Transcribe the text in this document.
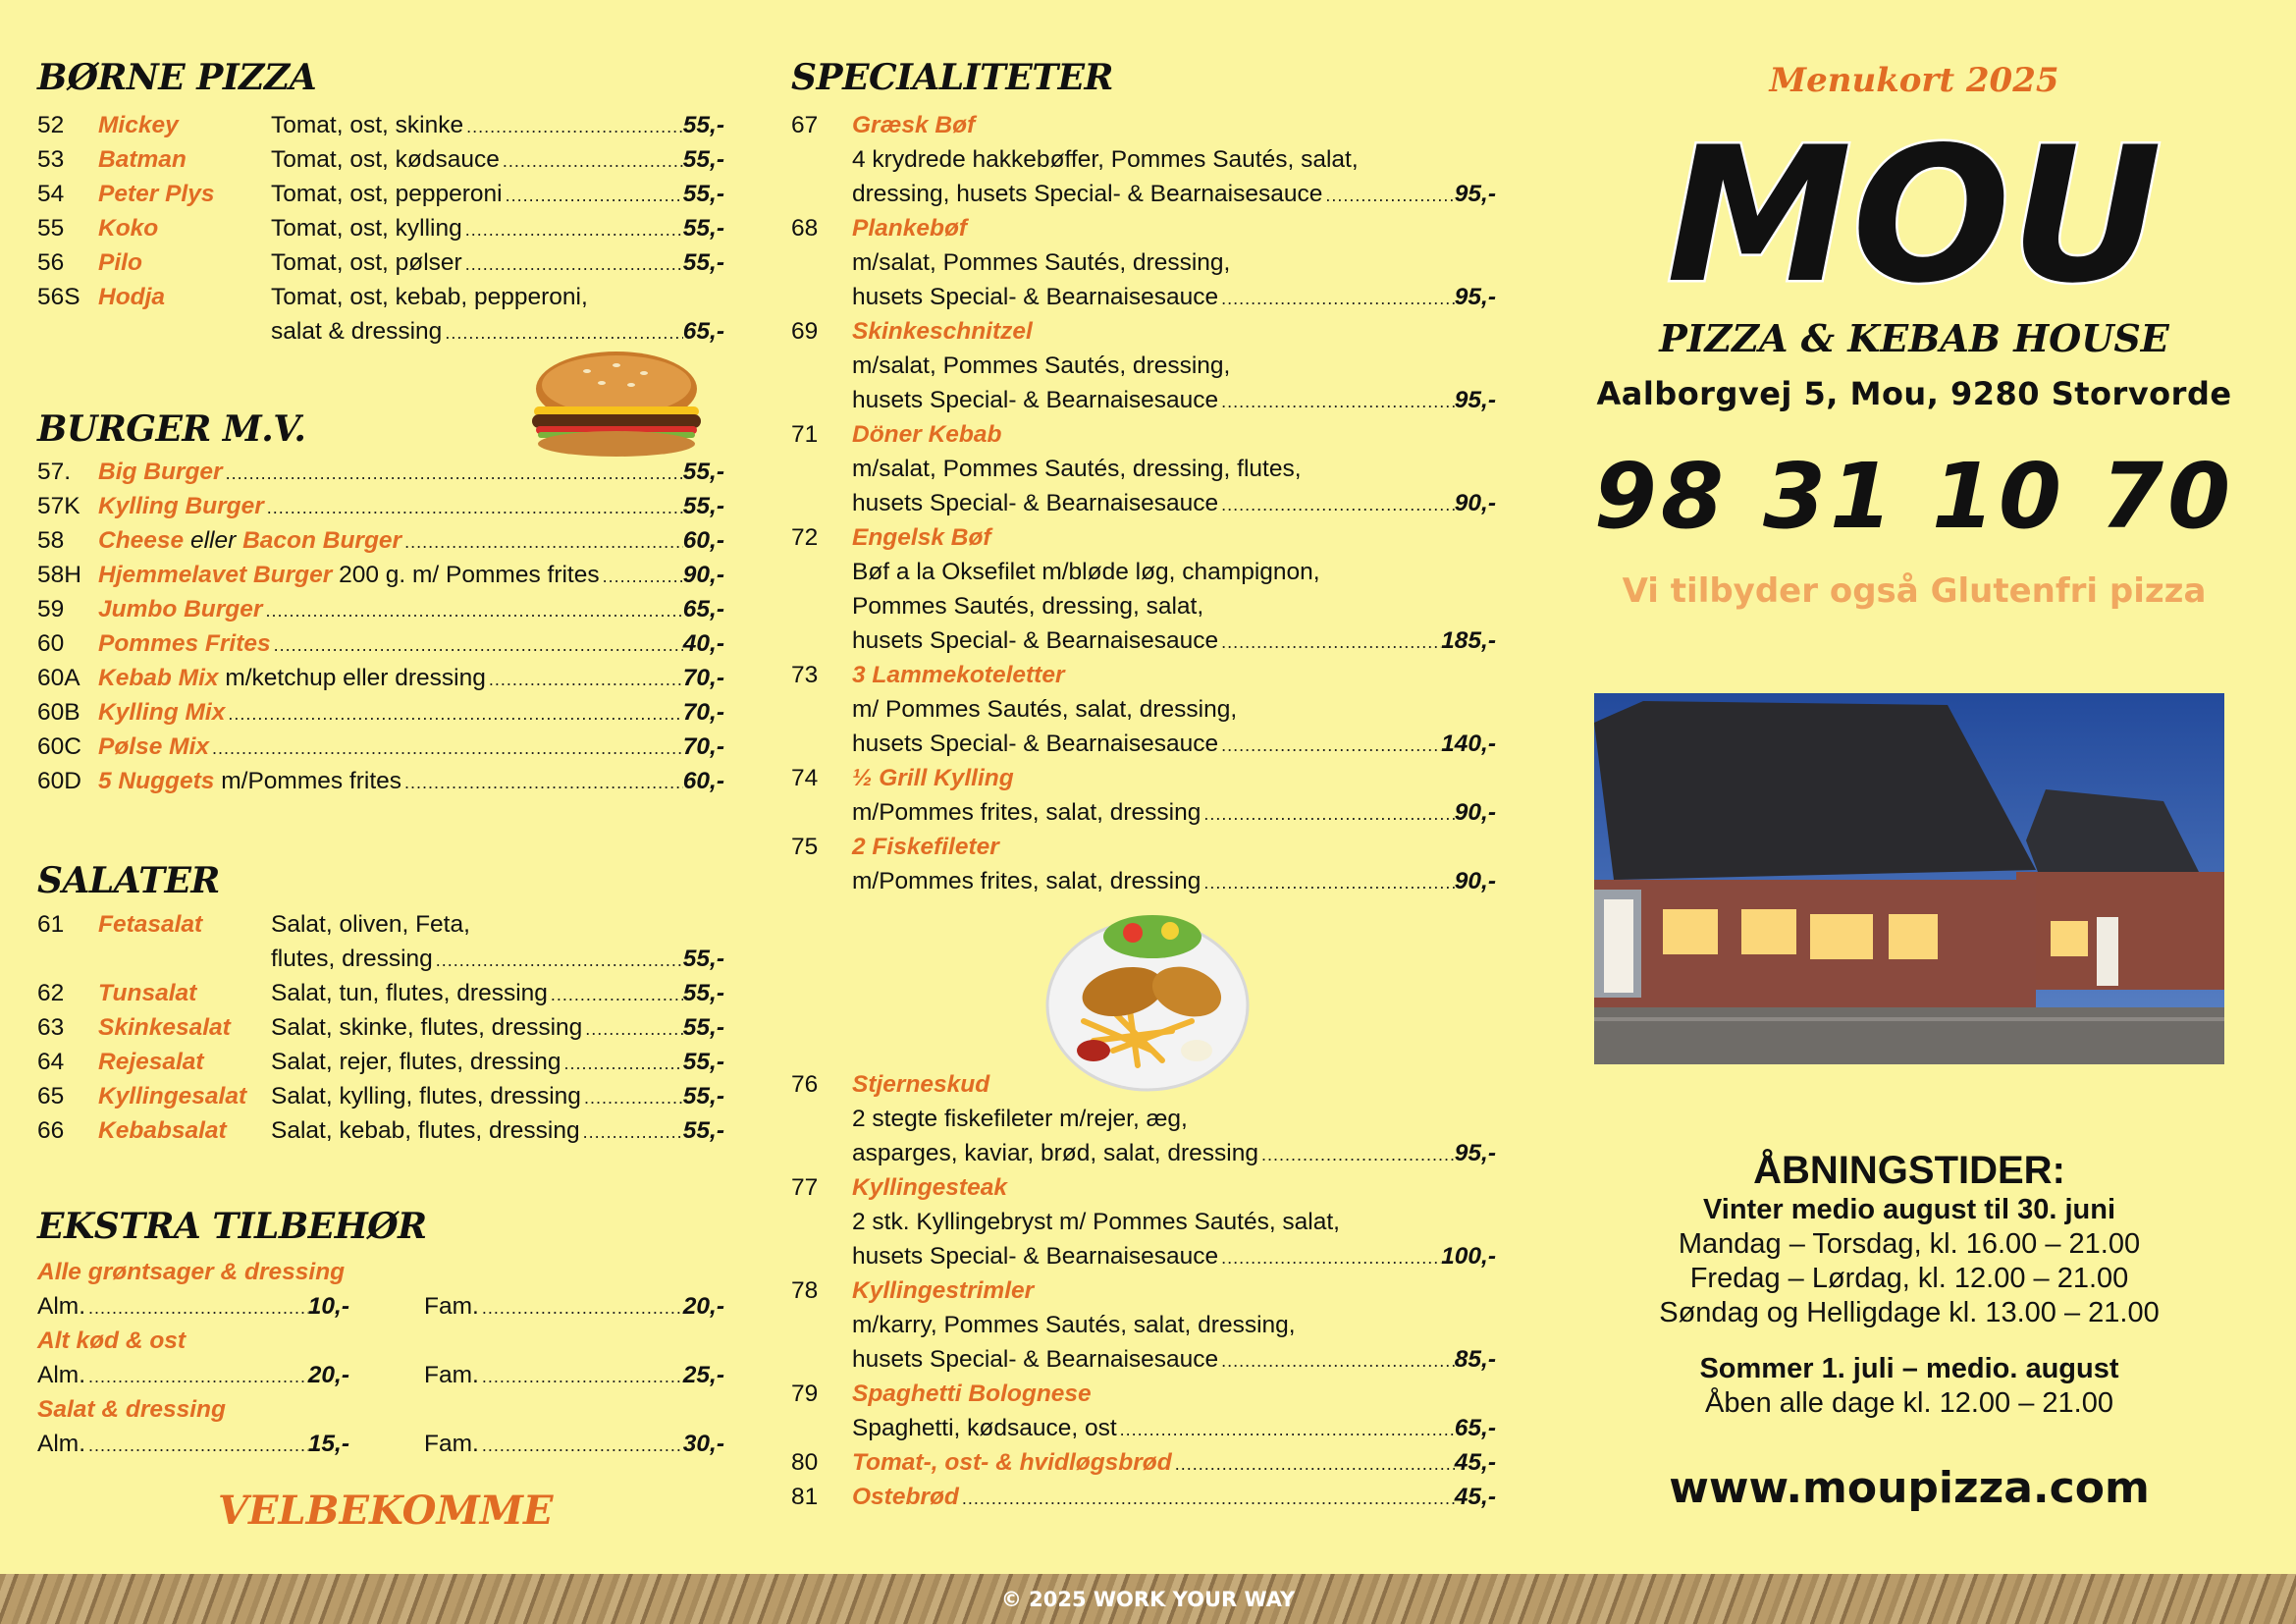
BØRNE PIZZA
52 Mickey	Tomat, ost, skinke .....	55,-
53 Batman	Tomat, ost, kødsauce .....	55,-
54 Peter Plys Tomat, ost, pepperoni .....	55,-
55 Koko	Tomat, ost, kylling .....	55,-
56 Pilo	Tomat, ost, pølser .....	55,-
56S Hodja	Tomat, ost, kebab, pepperoni,
salat & dressing .....	65,-
BURGER M.V.
57. Big Burger .....	55,-
57K Kylling Burger .....	55,-
58 Cheese eller Bacon Burger .....	60,-
58H Hjemmelavet Burger 200 g. m/ Pommes frites .....	90,-
59 Jumbo Burger .....	65,-
60 Pommes Frites .....	40,-
60A Kebab Mix m/ketchup eller dressing .....	70,-
60B Kylling Mix .....	70,-
60C Pølse Mix .....	70,-
60D 5 Nuggets m/Pommes frites .....	60,-
SALATER
61 Fetasalat	Salat, oliven, Feta,
flutes, dressing .....	55,-
62 Tunsalat	Salat, tun, flutes, dressing .....	55,-
63 Skinkesalat Salat, skinke, flutes, dressing .....	55,-
64 Rejesalat	Salat, rejer, flutes, dressing .....	55,-
65 Kyllingesalat Salat, kylling, flutes, dressing .....	55,-
66 Kebabsalat Salat, kebab, flutes, dressing .....	55,-
EKSTRA TILBEHØR
Alle grøntsager & dressing
Alm. .....	10,-	Fam. .....	20,-
Alt kød & ost
Alm. .....	20,-	Fam. .....	25,-
Salat & dressing
Alm. .....	15,-	Fam. .....	30,-
VELBEKOMME
SPECIALITETER
67 Græsk Bøf
4 krydrede hakkebøffer, Pommes Sautés, salat,
dressing, husets Special- & Bearnaisesauce .....	95,-
68 Plankebøf
m/salat, Pommes Sautés, dressing,
husets Special- & Bearnaisesauce .....	95,-
69 Skinkeschnitzel
m/salat, Pommes Sautés, dressing,
husets Special- & Bearnaisesauce .....	95,-
71 Döner Kebab
m/salat, Pommes Sautés, dressing, flutes,
husets Special- & Bearnaisesauce .....	90,-
72 Engelsk Bøf
Bøf a la Oksefilet m/bløde løg, champignon,
Pommes Sautés, dressing, salat,
husets Special- & Bearnaisesauce .....	185,-
73 3 Lammekoteletter
m/ Pommes Sautés, salat, dressing,
husets Special- & Bearnaisesauce .....	140,-
74 ½ Grill Kylling
m/Pommes frites, salat, dressing .....	90,-
75 2 Fiskefileter
m/Pommes frites, salat, dressing .....	90,-
76 Stjerneskud
2 stegte fiskefileter m/rejer, æg,
asparges, kaviar, brød, salat, dressing .....	95,-
77 Kyllingesteak
2 stk. Kyllingebryst m/ Pommes Sautés, salat,
husets Special- & Bearnaisesauce .....	100,-
78 Kyllingestrimler
m/karry, Pommes Sautés, salat, dressing,
husets Special- & Bearnaisesauce .....	85,-
79 Spaghetti Bolognese
Spaghetti, kødsauce, ost .....	65,-
80 Tomat-, ost- & hvidløgsbrød .....	45,-
81 Ostebrød .....	45,-
Menukort 2025
MOU
PIZZA & KEBAB HOUSE
Aalborgvej 5, Mou, 9280 Storvorde
98 31 10 70
Vi tilbyder også Glutenfri pizza
ÅBNINGSTIDER:
Vinter medio august til 30. juni
Mandag – Torsdag, kl. 16.00 – 21.00
Fredag – Lørdag, kl. 12.00 – 21.00
Søndag og Helligdage kl. 13.00 – 21.00
Sommer 1. juli – medio. august
Åben alle dage kl. 12.00 – 21.00
www.moupizza.com
© 2025 WORK YOUR WAY
